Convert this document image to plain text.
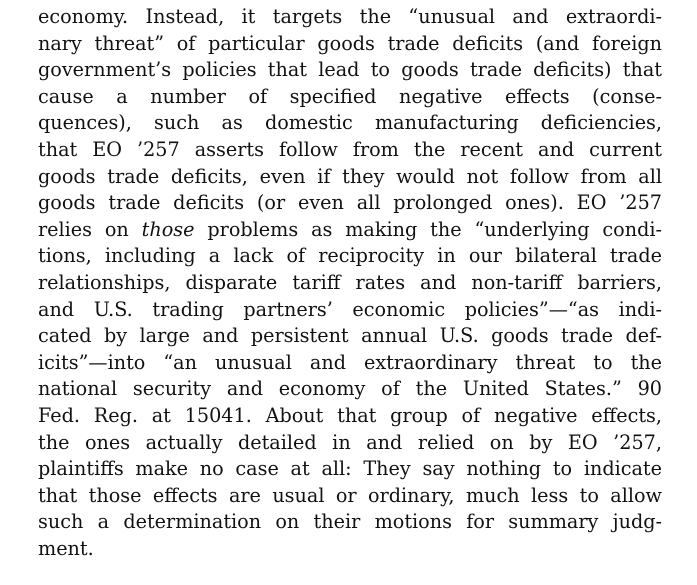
economy. Instead, it targets the “unusual and extraordi-
nary threat” of particular goods trade deficits (and foreign
government’s policies that lead to goods trade deficits) that
cause a number of specified negative effects (conse-
quences), such as domestic manufacturing deficiencies,
that EO ’257 asserts follow from the recent and current
goods trade deficits, even if they would not follow from all
goods trade deficits (or even all prolonged ones). EO ’257
relies on those problems as making the “underlying condi-
tions, including a lack of reciprocity in our bilateral trade
relationships, disparate tariff rates and non-tariff barriers,
and U.S. trading partners’ economic policies”—“as indi-
cated by large and persistent annual U.S. goods trade def-
icits”—into “an unusual and extraordinary threat to the
national security and economy of the United States.” 90
Fed. Reg. at 15041. About that group of negative effects,
the ones actually detailed in and relied on by EO ’257,
plaintiffs make no case at all: They say nothing to indicate
that those effects are usual or ordinary, much less to allow
such a determination on their motions for summary judg-
ment.
